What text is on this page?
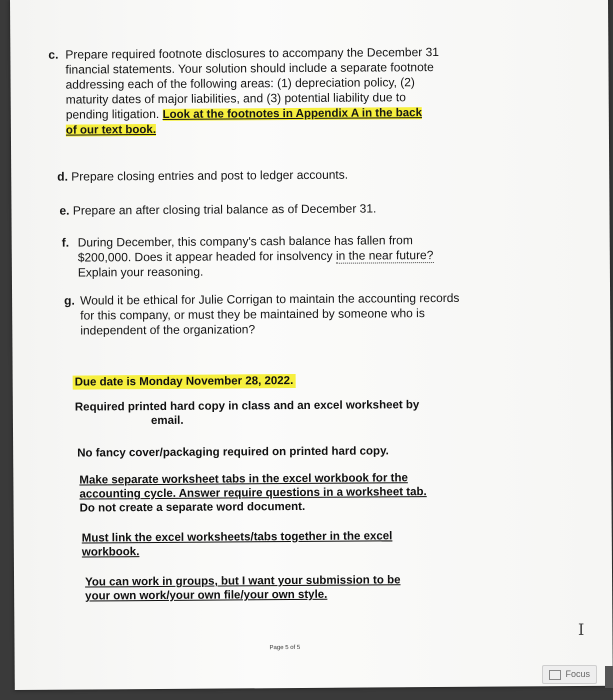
c. Prepare required footnote disclosures to accompany the December 31
financial statements. Your solution should include a separate footnote
addressing each of the following areas: (1) depreciation policy, (2)
maturity dates of major liabilities, and (3) potential liability due to
pending litigation. Look at the footnotes in Appendix A in the back
of our text book.
d. Prepare closing entries and post to ledger accounts.
e. Prepare an after closing trial balance as of December 31.
f. During December, this company's cash balance has fallen from
$200,000. Does it appear headed for insolvency in the near future?
Explain your reasoning.
g. Would it be ethical for Julie Corrigan to maintain the accounting records
for this company, or must they be maintained by someone who is
independent of the organization?
Due date is Monday November 28, 2022.
Required printed hard copy in class and an excel worksheet by
email.
No fancy cover/packaging required on printed hard copy.
Make separate worksheet tabs in the excel workbook for the
accounting cycle. Answer require questions in a worksheet tab.
Do not create a separate word document.
Must link the excel worksheets/tabs together in the excel
workbook.
You can work in groups, but I want your submission to be
your own work/your own file/your own style.
Page 5 of 5
I
Focus
